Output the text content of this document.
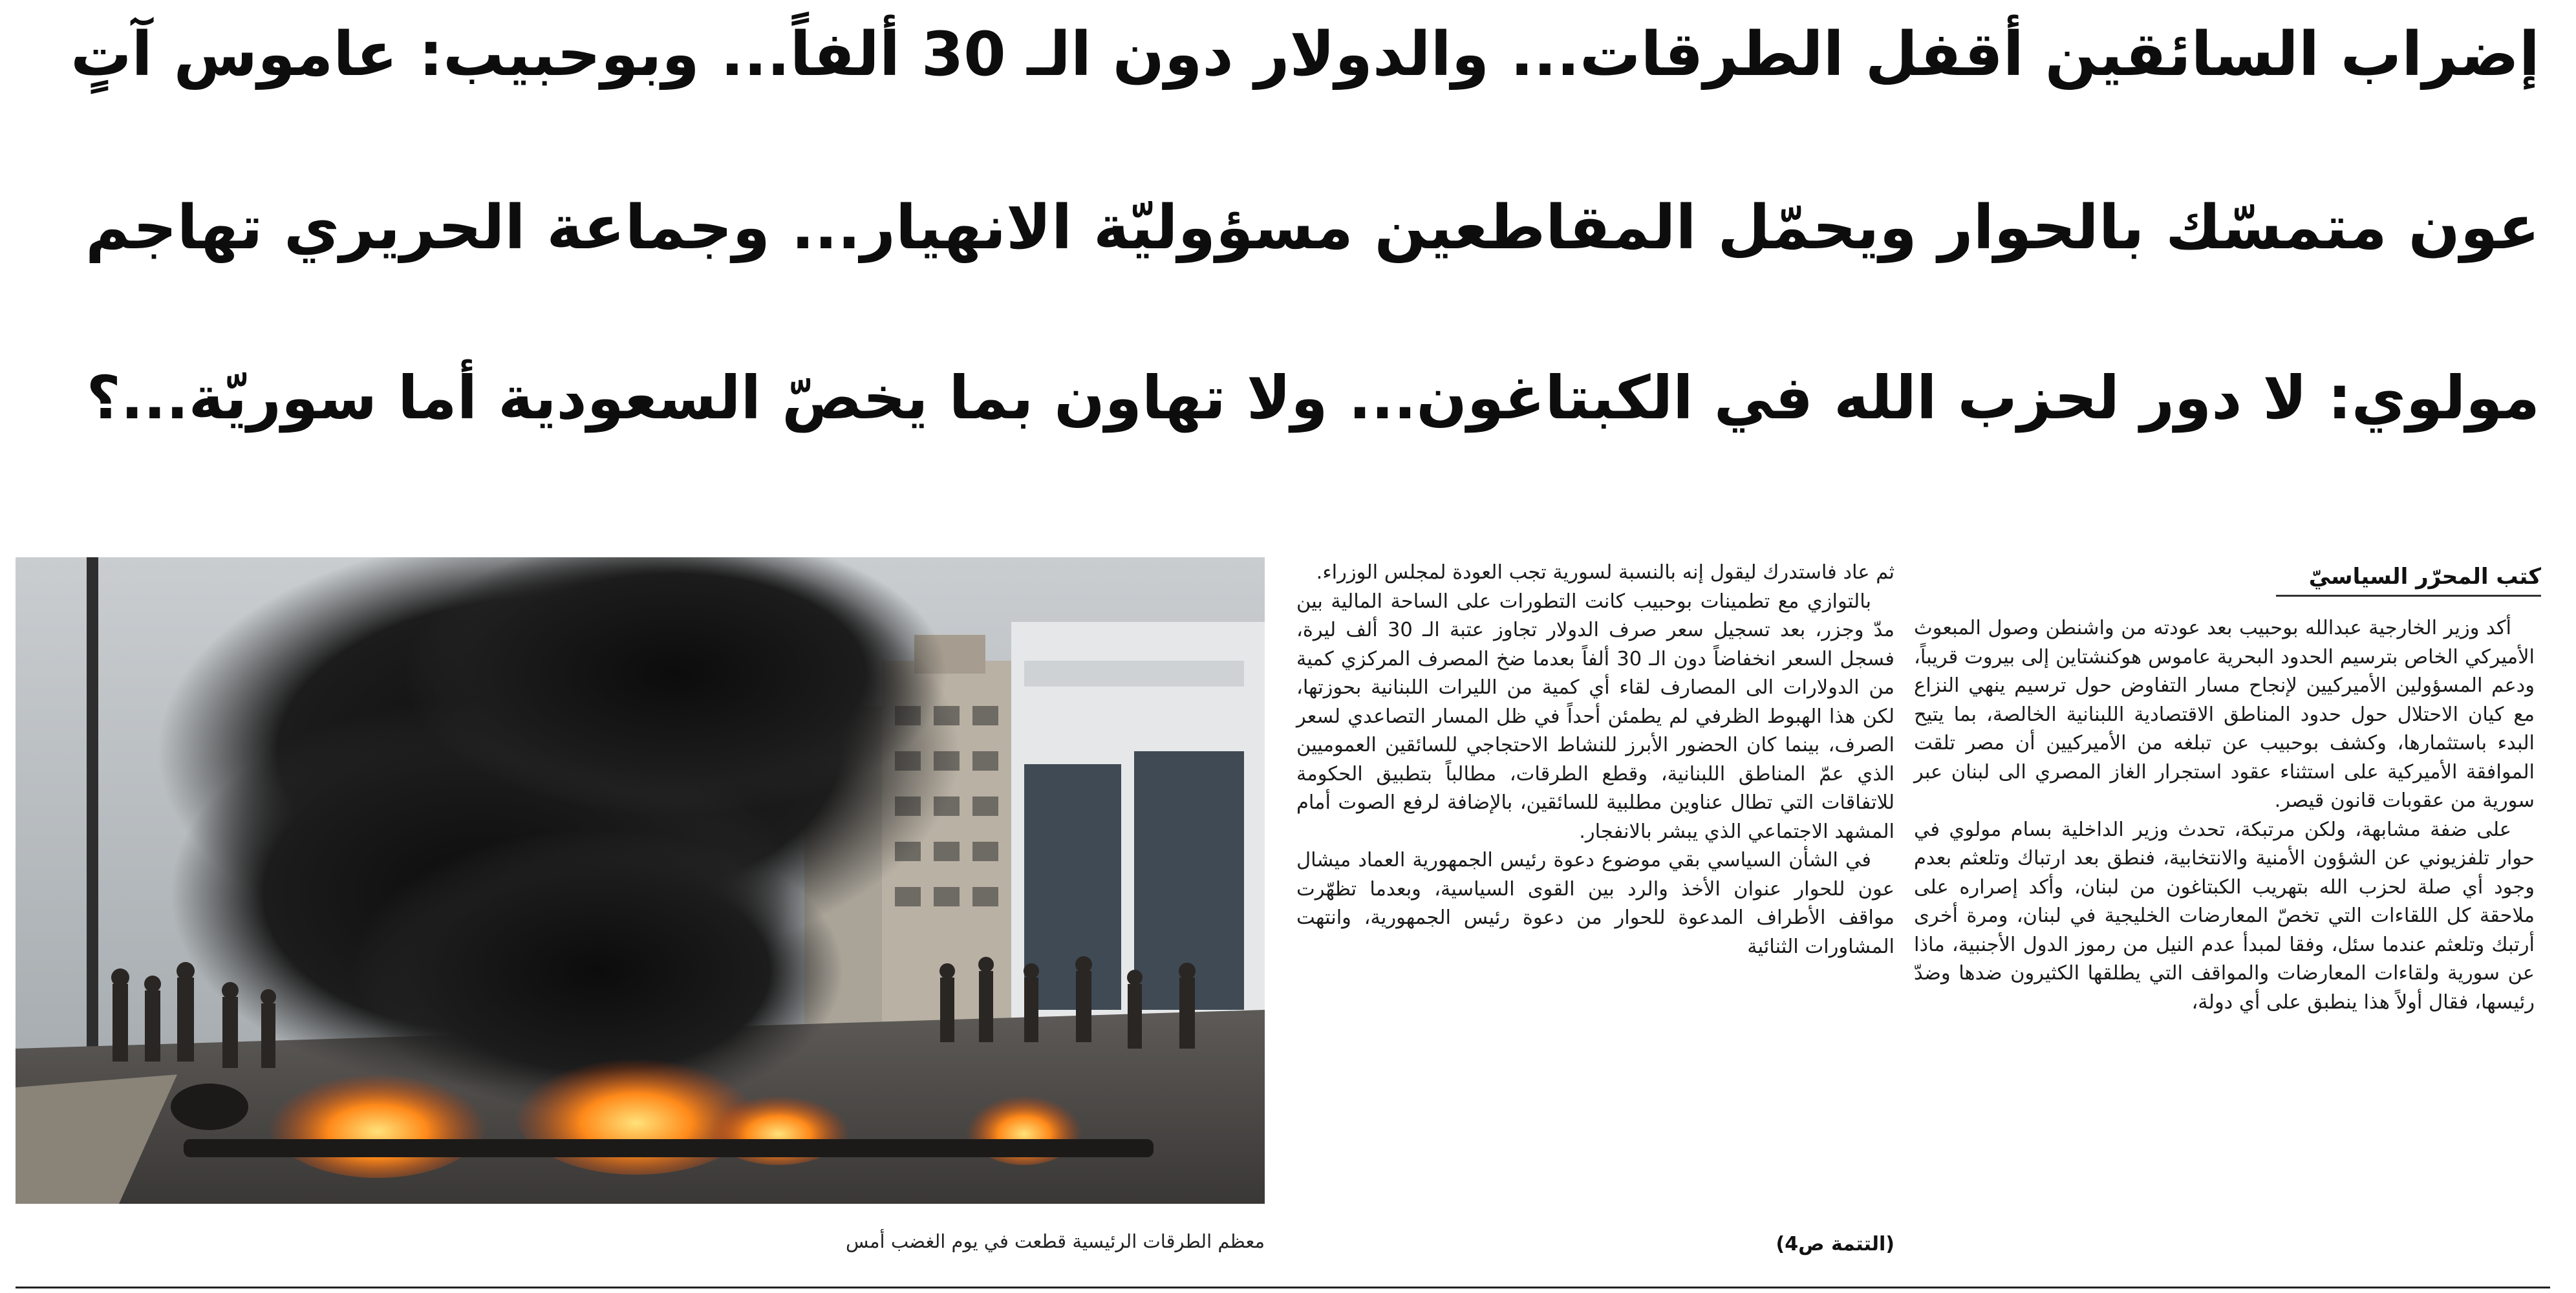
إضراب السائقين أقفل الطرقات... والدولار دون الـ 30 ألفاً... وبوحبيب: عاموس آتٍ
عون متمسّك بالحوار ويحمّل المقاطعين مسؤوليّة الانهيار... وجماعة الحريري تهاجم
مولوي: لا دور لحزب الله في الكبتاغون... ولا تهاون بما يخصّ السعودية أما سوريّة...؟
كتب المحرّر السياسيّ

أكد وزير الخارجية عبدالله بوحبيب بعد عودته من واشنطن وصول المبعوث الأميركي الخاص بترسيم الحدود البحرية عاموس هوكنشتاين إلى بيروت قريباً، ودعم المسؤولين الأميركيين لإنجاح مسار التفاوض حول ترسيم ينهي النزاع مع كيان الاحتلال حول حدود المناطق الاقتصادية اللبنانية الخالصة، بما يتيح البدء باستثمارها، وكشف بوحبيب عن تبلغه من الأميركيين أن مصر تلقت الموافقة الأميركية على استثناء عقود استجرار الغاز المصري الى لبنان عبر سورية من عقوبات قانون قيصر.

على ضفة مشابهة، ولكن مرتبكة، تحدث وزير الداخلية بسام مولوي في حوار تلفزيوني عن الشؤون الأمنية والانتخابية، فنطق بعد ارتباك وتلعثم بعدم وجود أي صلة لحزب الله بتهريب الكبتاغون من لبنان، وأكد إصراره على ملاحقة كل اللقاءات التي تخصّ المعارضات الخليجية في لبنان، ومرة أخرى أرتبك وتلعثم عندما سئل، وفقا لمبدأ عدم النيل من رموز الدول الأجنبية، ماذا عن سورية ولقاءات المعارضات والمواقف التي يطلقها الكثيرون ضدها وضدّ رئيسها، فقال أولاً هذا ينطبق على أي دولة،

ثم عاد فاستدرك ليقول إنه بالنسبة لسورية تجب العودة لمجلس الوزراء.

بالتوازي مع تطمينات بوحبيب كانت التطورات على الساحة المالية بين مدّ وجزر، بعد تسجيل سعر صرف الدولار تجاوز عتبة الـ 30 ألف ليرة، فسجل السعر انخفاضاً دون الـ 30 ألفاً بعدما ضخ المصرف المركزي كمية من الدولارات الى المصارف لقاء أي كمية من الليرات اللبنانية بحوزتها، لكن هذا الهبوط الظرفي لم يطمئن أحداً في ظل المسار التصاعدي لسعر الصرف، بينما كان الحضور الأبرز للنشاط الاحتجاجي للسائقين العموميين الذي عمّ المناطق اللبنانية، وقطع الطرقات، مطالباً بتطبيق الحكومة للاتفاقات التي تطال عناوين مطلبية للسائقين، بالإضافة لرفع الصوت أمام المشهد الاجتماعي الذي يبشر بالانفجار.

في الشأن السياسي بقي موضوع دعوة رئيس الجمهورية العماد ميشال عون للحوار عنوان الأخذ والرد بين القوى السياسية، وبعدما تظهّرت مواقف الأطراف المدعوة للحوار من دعوة رئيس الجمهورية، وانتهت المشاورات الثنائية

(التتمة ص4)
معظم الطرقات الرئيسية قطعت في يوم الغضب أمس
